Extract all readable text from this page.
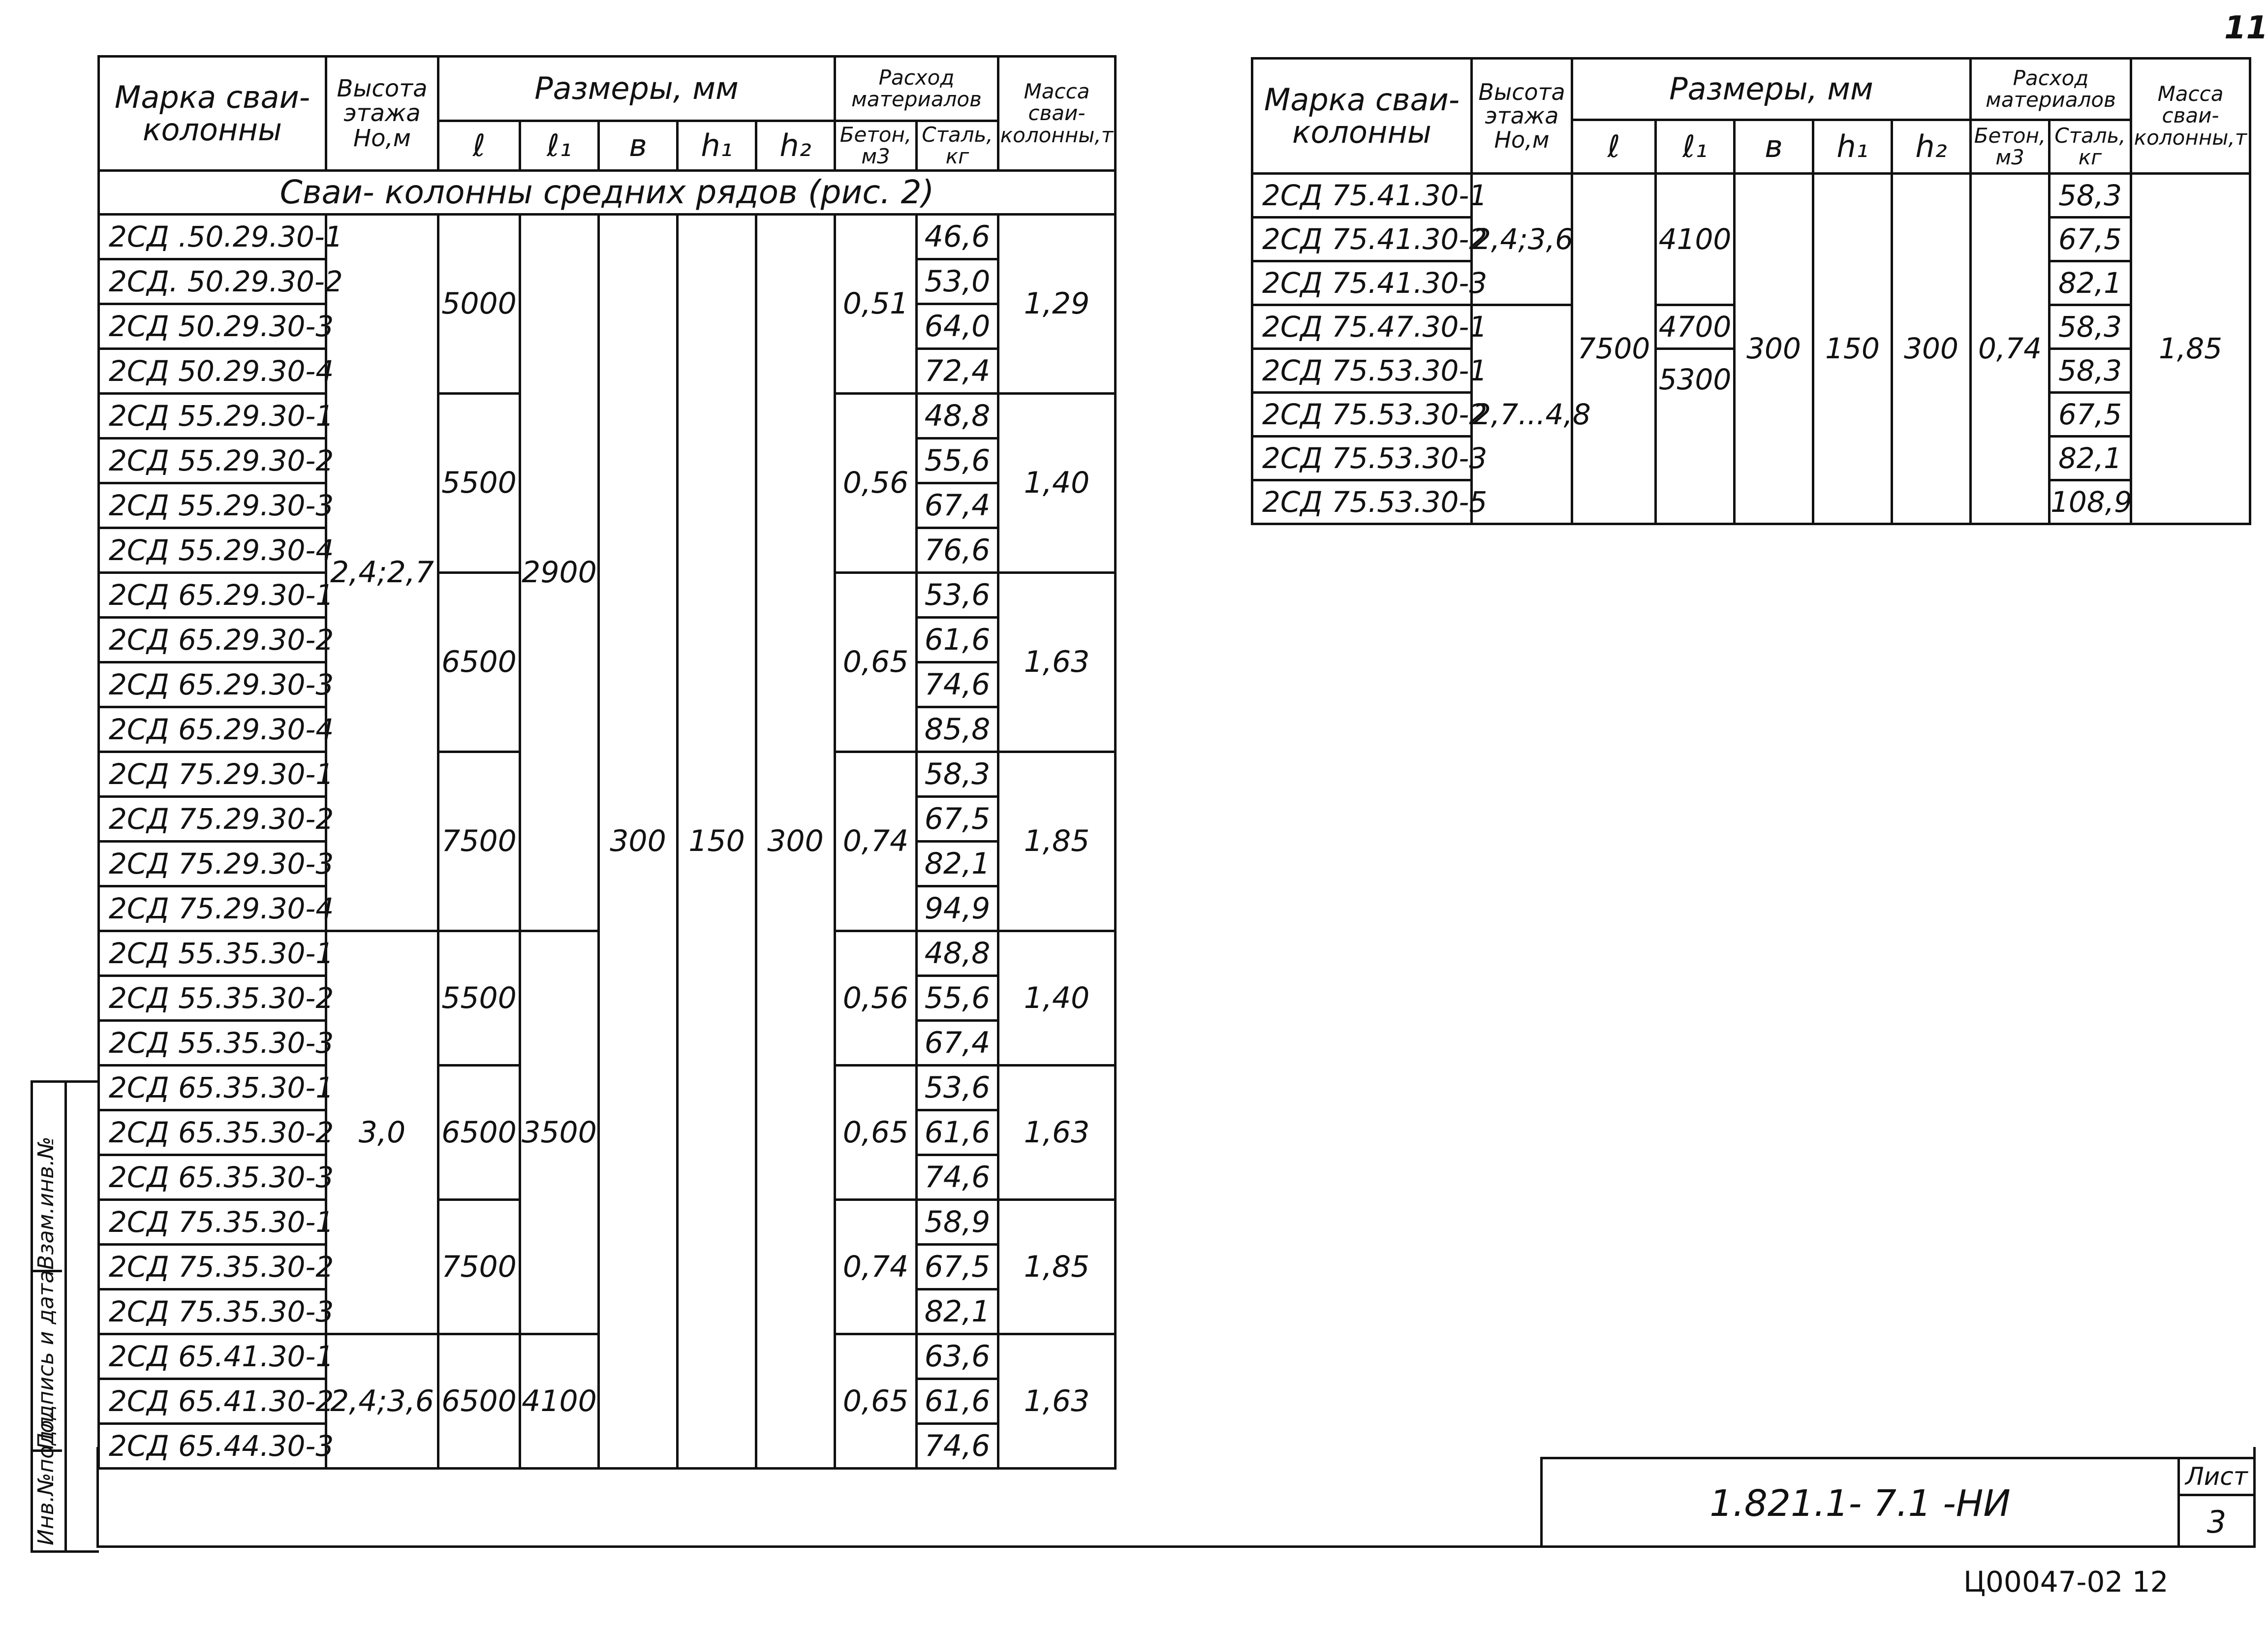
11
Марка сваи-колонны	Высота этажа Но,м	Размеры, мм					Расход материалов		Масса сваи-колонны,т
		ℓ	ℓ₁	в	h₁	h₂	Бетон, м3	Сталь, кг	
Сваи- колонны средних рядов (рис. 2)									
2СД .50.29.30-1	2,4;2,7	5000	2900	300	150	300	0,51	46,6	1,29
2СД. 50.29.30-2								53,0	
2СД 50.29.30-3								64,0	
2СД 50.29.30-4								72,4	
2СД 55.29.30-1		5500					0,56	48,8	1,40
2СД 55.29.30-2								55,6	
2СД 55.29.30-3								67,4	
2СД 55.29.30-4								76,6	
2СД 65.29.30-1		6500					0,65	53,6	1,63
2СД 65.29.30-2								61,6	
2СД 65.29.30-3								74,6	
2СД 65.29.30-4								85,8	
2СД 75.29.30-1		7500					0,74	58,3	1,85
2СД 75.29.30-2								67,5	
2СД 75.29.30-3								82,1	
2СД 75.29.30-4								94,9	
2СД 55.35.30-1	3,0	5500	3500				0,56	48,8	1,40
2СД 55.35.30-2								55,6	
2СД 55.35.30-3								67,4	
2СД 65.35.30-1		6500					0,65	53,6	1,63
2СД 65.35.30-2								61,6	
2СД 65.35.30-3								74,6	
2СД 75.35.30-1		7500					0,74	58,9	1,85
2СД 75.35.30-2								67,5	
2СД 75.35.30-3								82,1	
2СД 65.41.30-1	2,4;3,6	6500	4100				0,65	63,6	1,63
2СД 65.41.30-2								61,6	
2СД 65.44.30-3								74,6	
Марка сваи-колонны	Высота этажа Но,м	Размеры, мм					Расход материалов		Масса сваи-колонны,т
		ℓ	ℓ₁	в	h₁	h₂	Бетон, м3	Сталь, кг	
2СД 75.41.30-1	2,4;3,6	7500	4100	300	150	300	0,74	58,3	1,85
2СД 75.41.30-2								67,5	
2СД 75.41.30-3								82,1	
2СД 75.47.30-1	2,7...4,8		4700					58,3	
2СД 75.53.30-1			5300					58,3	
2СД 75.53.30-2								67,5	
2СД 75.53.30-3								82,1	
2СД 75.53.30-5								108,9	
Инв.№подл.
Подпись и дата
Взам.инв.№
1.821.1- 7.1 -НИ
Лист
3
Ц00047-02 12
